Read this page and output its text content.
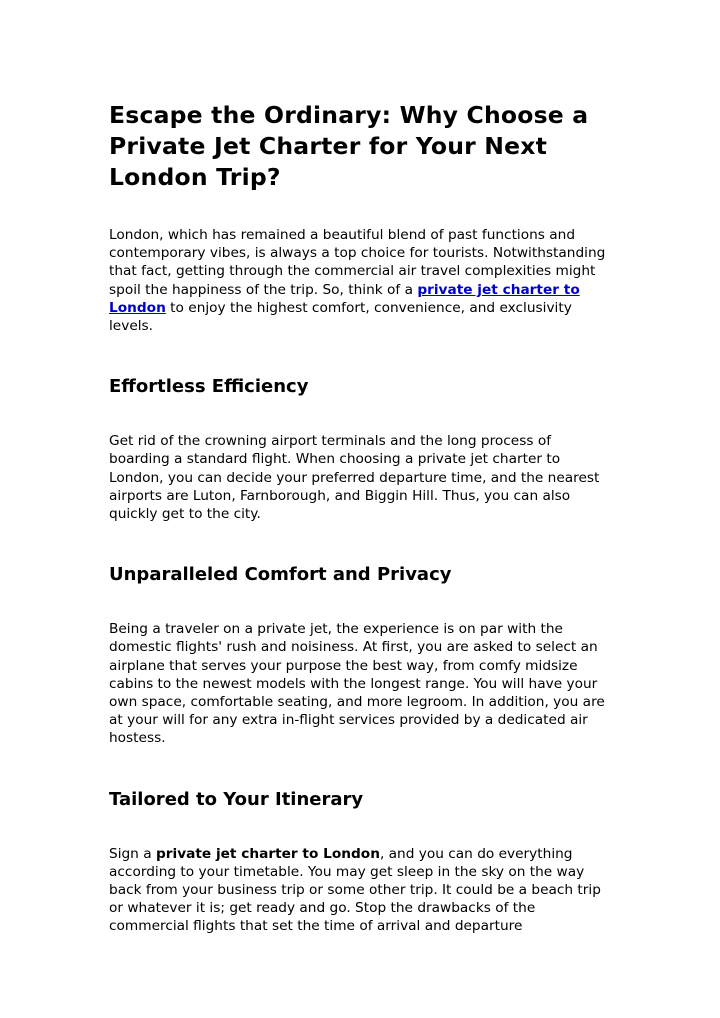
Escape the Ordinary: Why Choose a Private Jet Charter for Your Next London Trip?

London, which has remained a beautiful blend of past functions and contemporary vibes, is always a top choice for tourists. Notwithstanding that fact, getting through the commercial air travel complexities might spoil the happiness of the trip. So, think of a private jet charter to London to enjoy the highest comfort, convenience, and exclusivity levels.

Effortless Efficiency

Get rid of the crowning airport terminals and the long process of boarding a standard flight. When choosing a private jet charter to London, you can decide your preferred departure time, and the nearest airports are Luton, Farnborough, and Biggin Hill. Thus, you can also quickly get to the city.

Unparalleled Comfort and Privacy

Being a traveler on a private jet, the experience is on par with the domestic flights' rush and noisiness. At first, you are asked to select an airplane that serves your purpose the best way, from comfy midsize cabins to the newest models with the longest range. You will have your own space, comfortable seating, and more legroom. In addition, you are at your will for any extra in-flight services provided by a dedicated air hostess.

Tailored to Your Itinerary

Sign a private jet charter to London, and you can do everything according to your timetable. You may get sleep in the sky on the way back from your business trip or some other trip. It could be a beach trip or whatever it is; get ready and go. Stop the drawbacks of the commercial flights that set the time of arrival and departure
